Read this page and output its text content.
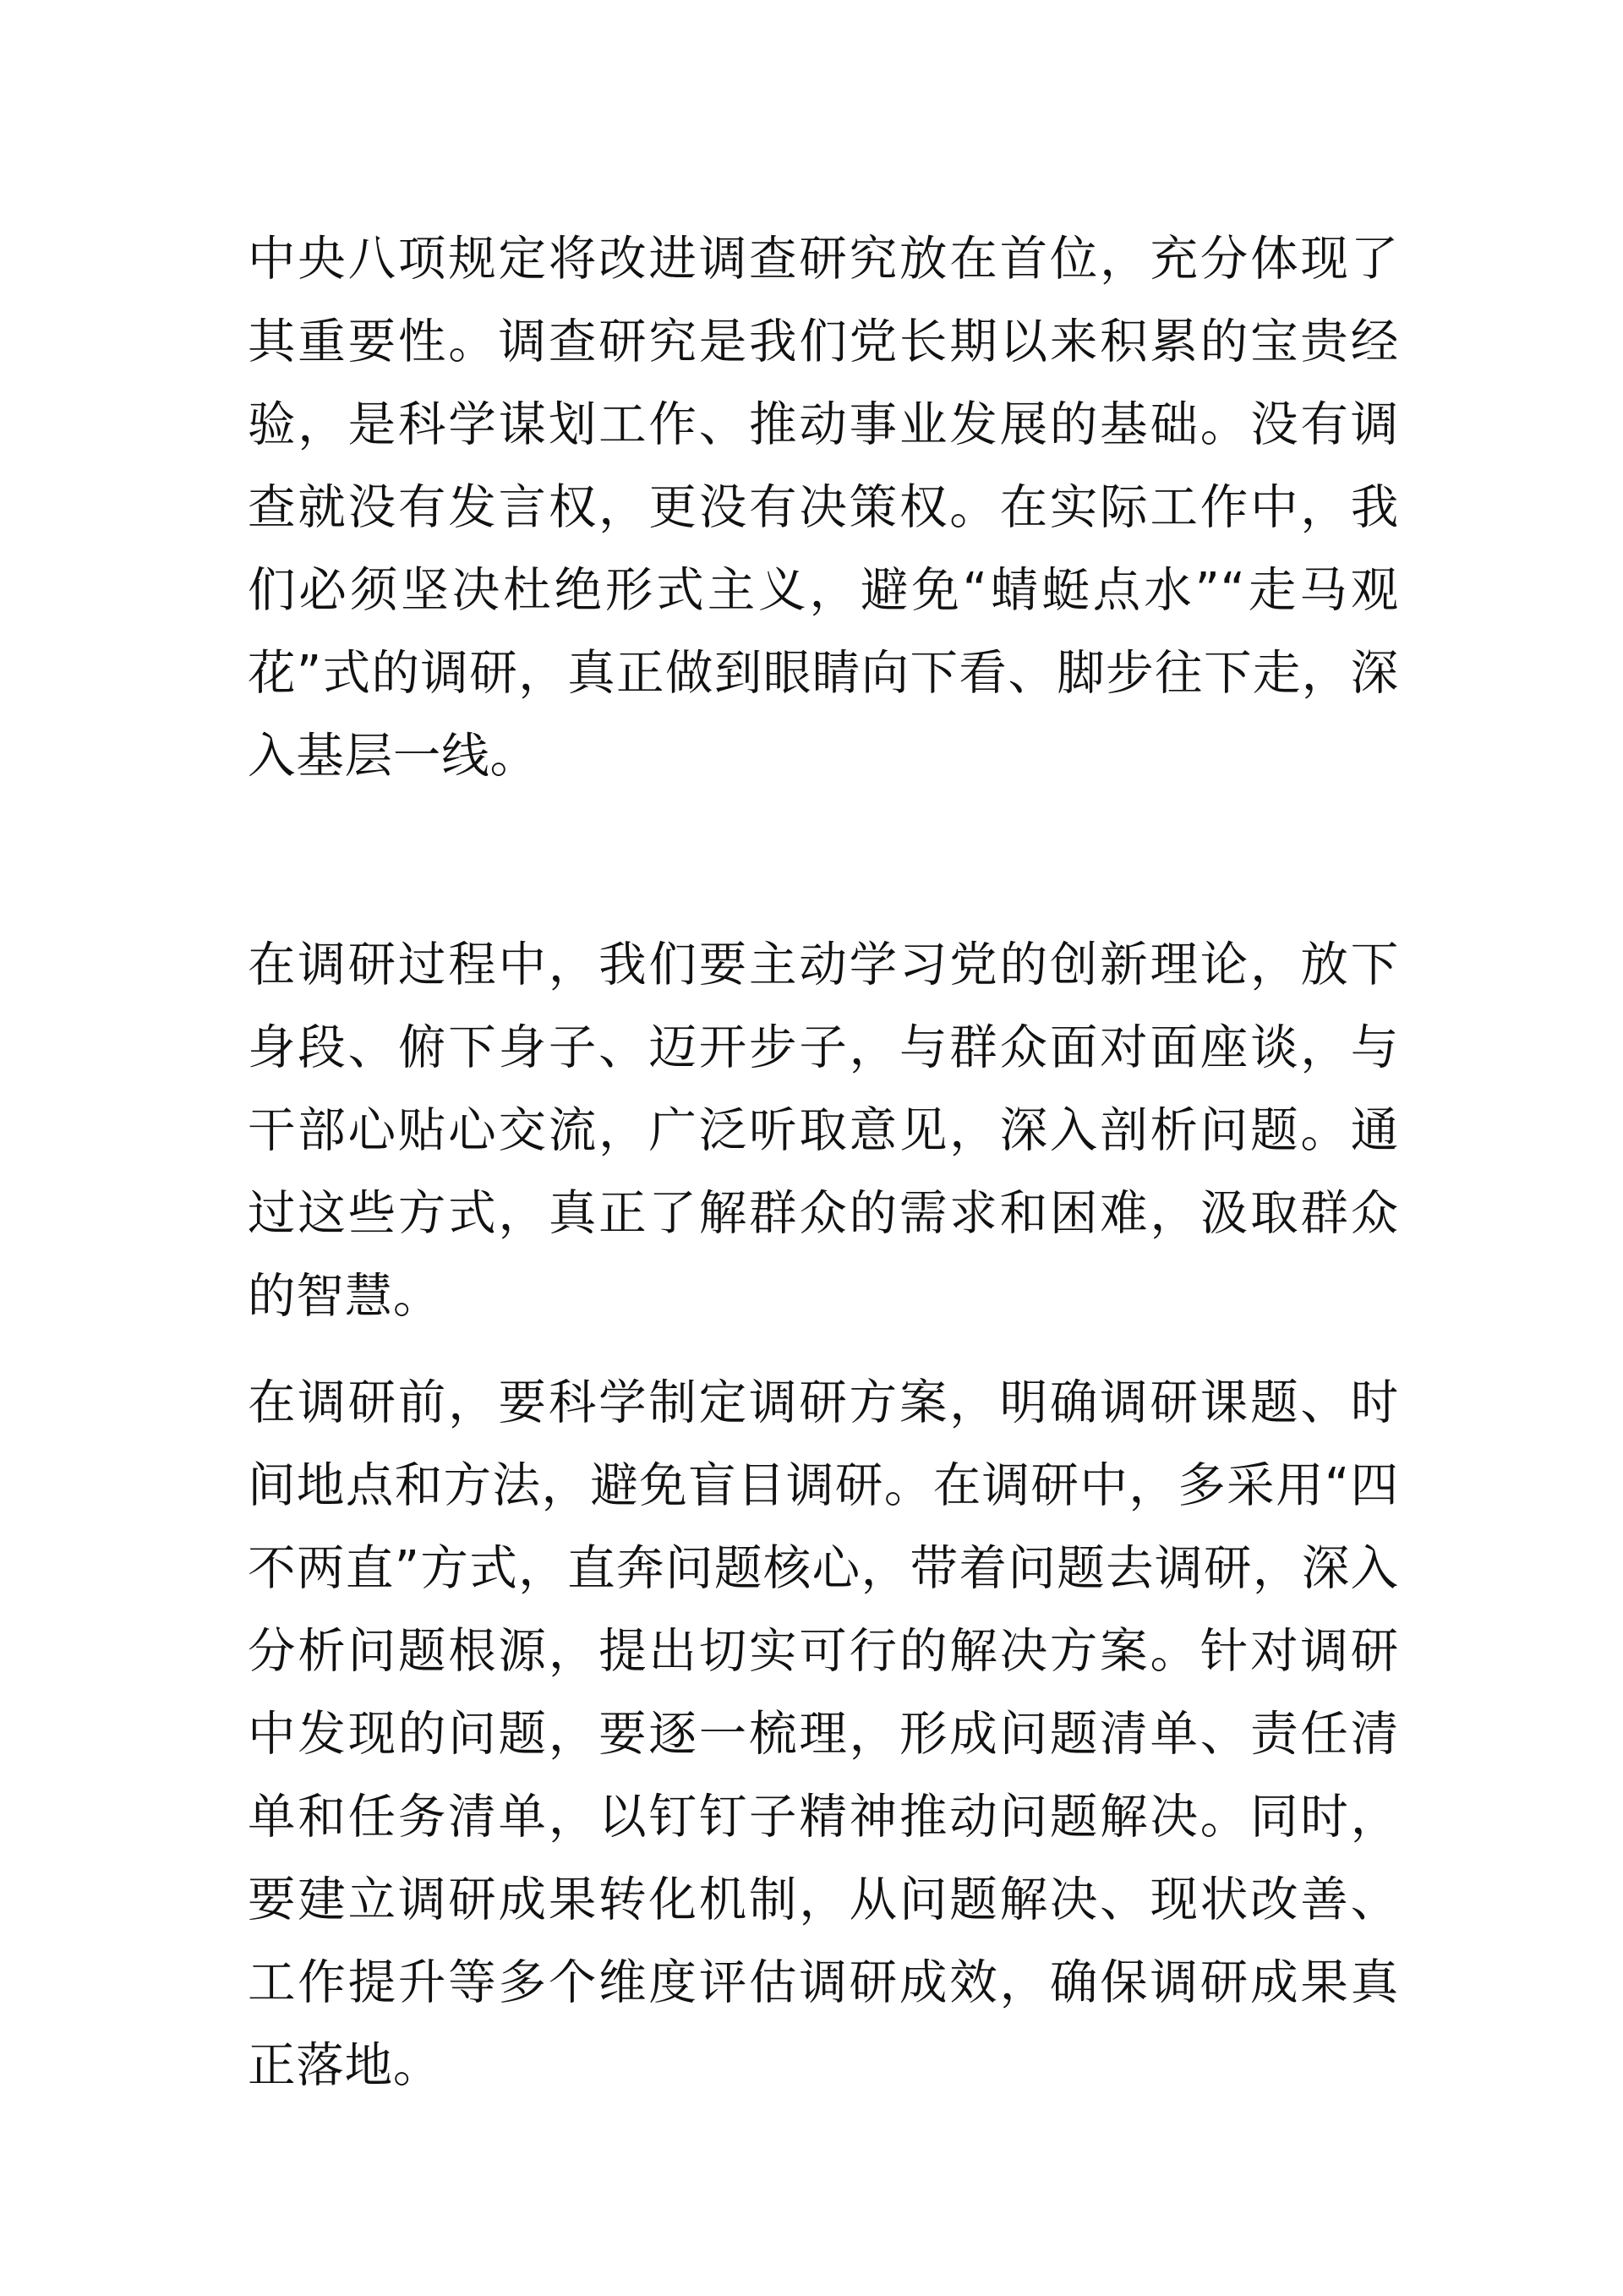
中央八项规定将改进调查研究放在首位，充分体现了其重要性。调查研究是我们党长期以来积累的宝贵经验，是科学谋划工作、推动事业发展的基础。没有调查就没有发言权，更没有决策权。在实际工作中，我们必须坚决杜绝形式主义，避免“蜻蜓点水”“走马观花”式的调研，真正做到眼睛向下看、脚步往下走，深入基层一线。

在调研过程中，我们要主动学习党的创新理论，放下身段、俯下身子、迈开步子，与群众面对面座谈，与干部心贴心交流，广泛听取意见，深入剖析问题。通过这些方式，真正了解群众的需求和困难，汲取群众的智慧。

在调研前，要科学制定调研方案，明确调研课题、时间地点和方法，避免盲目调研。在调研中，多采用“四不两直”方式，直奔问题核心，带着问题去调研，深入分析问题根源，提出切实可行的解决方案。针对调研中发现的问题，要逐一梳理，形成问题清单、责任清单和任务清单，以钉钉子精神推动问题解决。同时，要建立调研成果转化机制，从问题解决、现状改善、工作提升等多个维度评估调研成效，确保调研成果真正落地。
